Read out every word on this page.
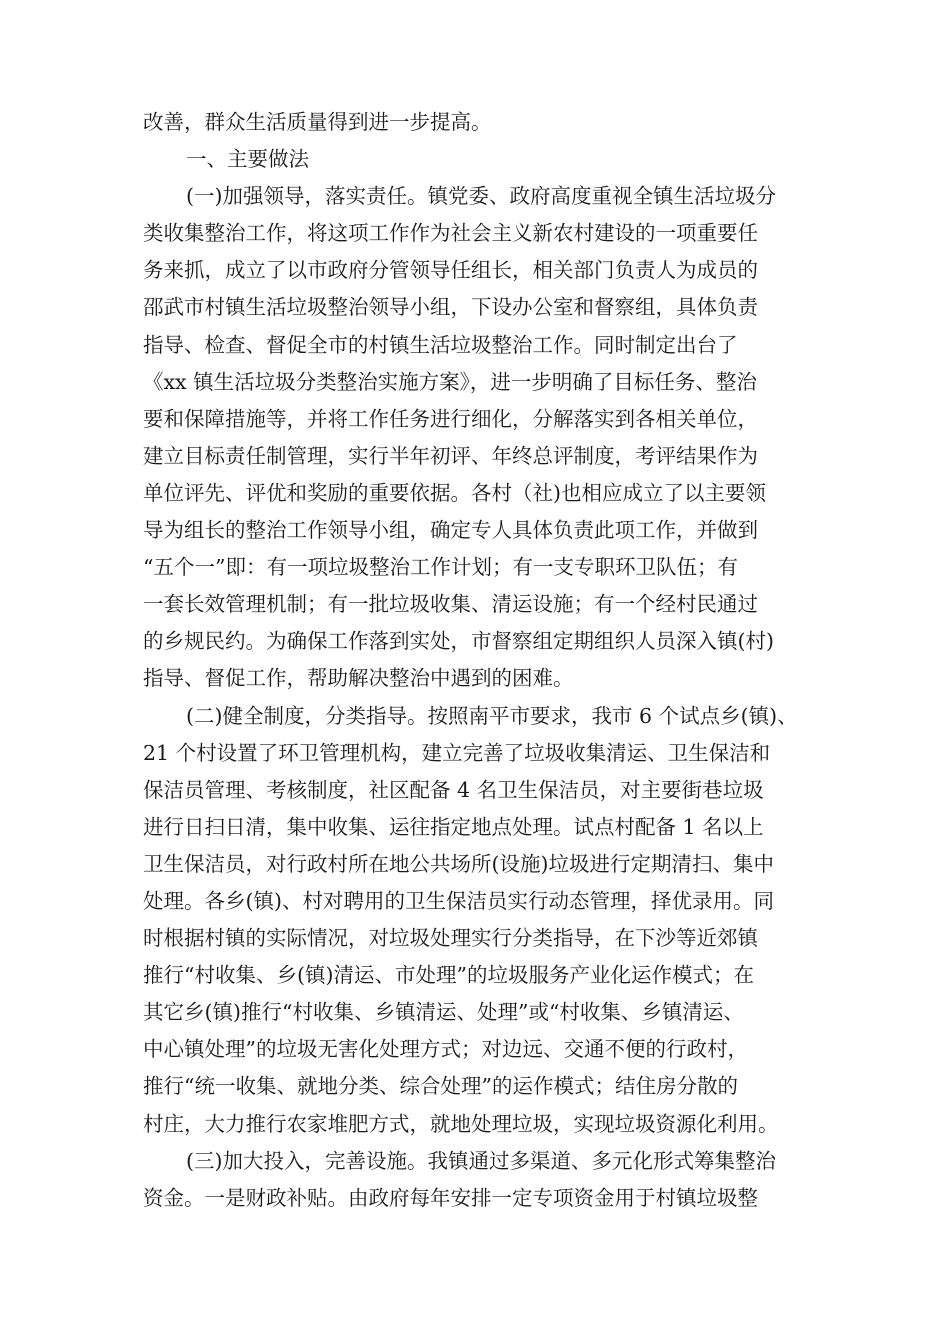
改善，群众生活质量得到进一步提高。
一、主要做法
(一)加强领导，落实责任。镇党委、政府高度重视全镇生活垃圾分
类收集整治工作，将这项工作作为社会主义新农村建设的一项重要任
务来抓，成立了以市政府分管领导任组长，相关部门负责人为成员的
邵武市村镇生活垃圾整治领导小组，下设办公室和督察组，具体负责
指导、检查、督促全市的村镇生活垃圾整治工作。同时制定出台了
《xx 镇生活垃圾分类整治实施方案》，进一步明确了目标任务、整治
要和保障措施等，并将工作任务进行细化，分解落实到各相关单位，
建立目标责任制管理，实行半年初评、年终总评制度，考评结果作为
单位评先、评优和奖励的重要依据。各村（社)也相应成立了以主要领
导为组长的整治工作领导小组，确定专人具体负责此项工作，并做到
“五个一”即：有一项垃圾整治工作计划；有一支专职环卫队伍；有
一套长效管理机制；有一批垃圾收集、清运设施；有一个经村民通过
的乡规民约。为确保工作落到实处，市督察组定期组织人员深入镇(村)
指导、督促工作，帮助解决整治中遇到的困难。
(二)健全制度，分类指导。按照南平市要求，我市 6 个试点乡(镇)、
21 个村设置了环卫管理机构，建立完善了垃圾收集清运、卫生保洁和
保洁员管理、考核制度，社区配备 4 名卫生保洁员，对主要街巷垃圾
进行日扫日清，集中收集、运往指定地点处理。试点村配备 1 名以上
卫生保洁员，对行政村所在地公共场所(设施)垃圾进行定期清扫、集中
处理。各乡(镇)、村对聘用的卫生保洁员实行动态管理，择优录用。同
时根据村镇的实际情况，对垃圾处理实行分类指导，在下沙等近郊镇
推行“村收集、乡(镇)清运、市处理”的垃圾服务产业化运作模式；在
其它乡(镇)推行“村收集、乡镇清运、处理”或“村收集、乡镇清运、
中心镇处理”的垃圾无害化处理方式；对边远、交通不便的行政村，
推行“统一收集、就地分类、综合处理”的运作模式；结住房分散的
村庄，大力推行农家堆肥方式，就地处理垃圾，实现垃圾资源化利用。
(三)加大投入，完善设施。我镇通过多渠道、多元化形式筹集整治
资金。一是财政补贴。由政府每年安排一定专项资金用于村镇垃圾整
